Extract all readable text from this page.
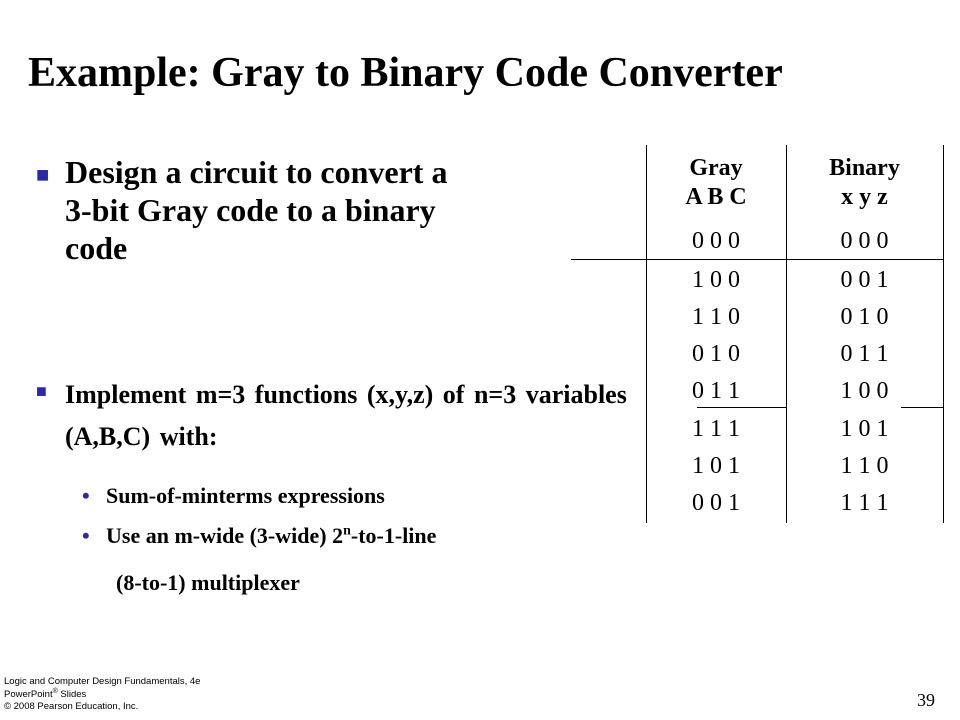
Example: Gray to Binary Code Converter
■ Design a circuit to convert a 3-bit Gray code to a binary code
■ Implement m=3 functions (x,y,z) of n=3 variables (A,B,C) with:
• Sum-of-minterms expressions
• Use an m-wide (3-wide) 2$^n$-to-1-line
(8-to-1) multiplexer
Gray
A B C
Binary
x y z
0 0 0	0 0 0
1 0 0	0 0 1
1 1 0	0 1 0
0 1 0	0 1 1
0 1 1	1 0 0
1 1 1	1 0 1
1 0 1	1 1 0
0 0 1	1 1 1
Logic and Computer Design Fundamentals, 4e
PowerPoint® Slides
© 2008 Pearson Education, Inc.	39
